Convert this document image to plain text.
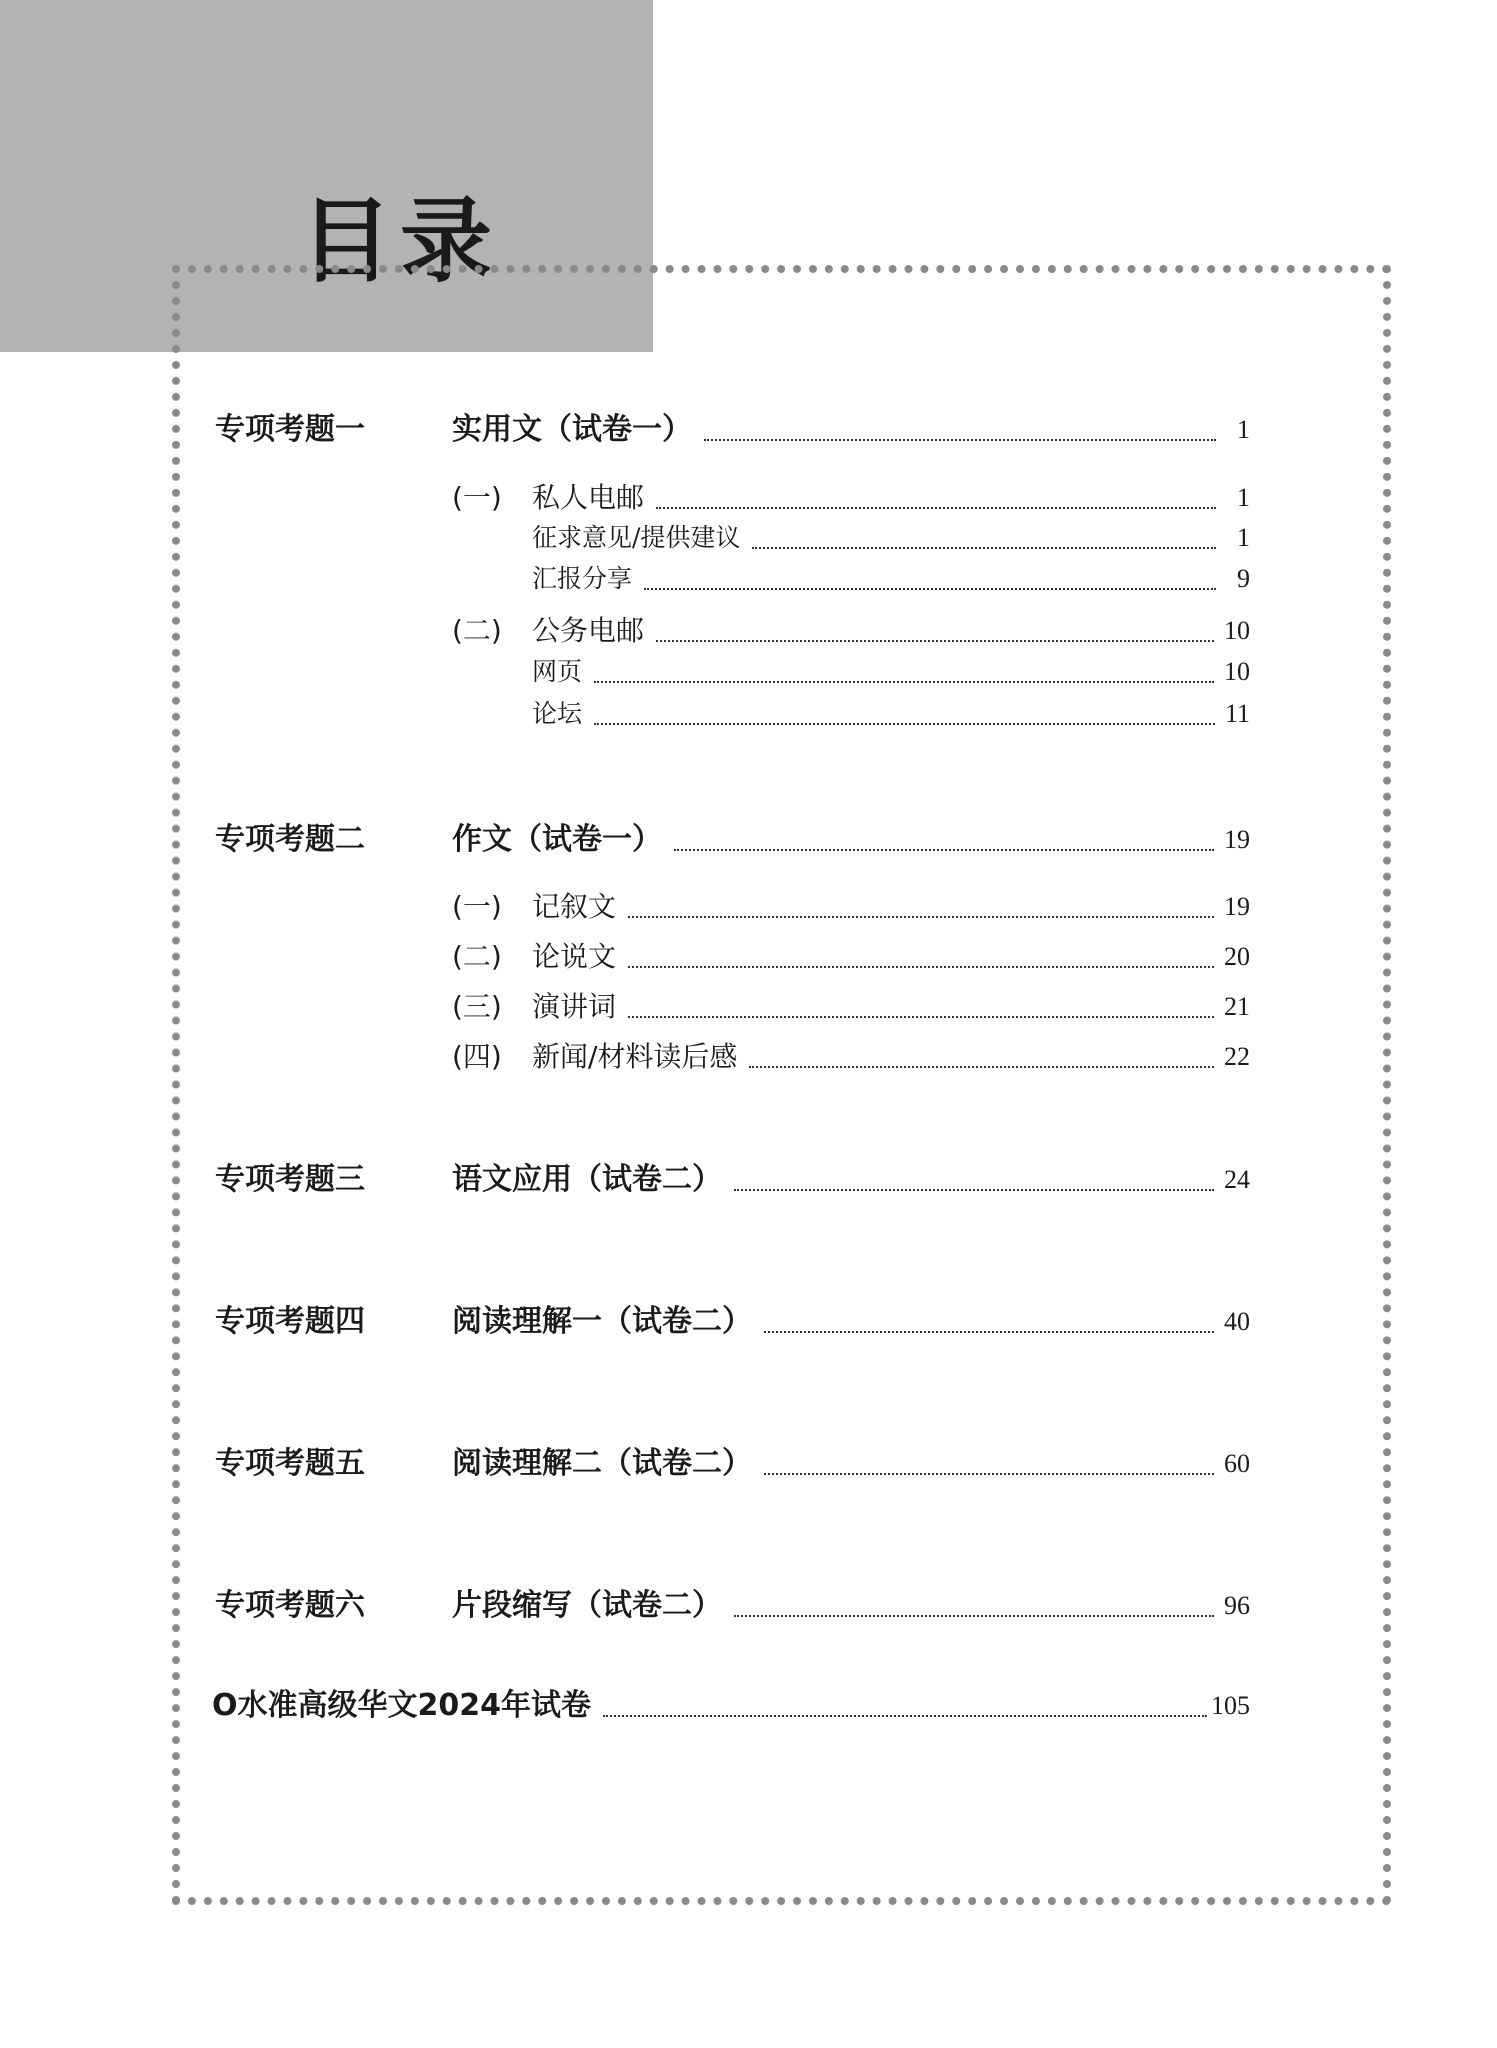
目录
专项考题一	实用文（试卷一）	1
(一) 私人电邮	1
征求意见/提供建议	1
汇报分享	9
(二) 公务电邮	10
网页	10
论坛	11
专项考题二	作文（试卷一）	19
(一) 记叙文	19
(二) 论说文	20
(三) 演讲词	21
(四) 新闻/材料读后感	22
专项考题三	语文应用（试卷二）	24
专项考题四	阅读理解一（试卷二）	40
专项考题五	阅读理解二（试卷二）	60
专项考题六	片段缩写（试卷二）	96
O水准高级华文2024年试卷	105
